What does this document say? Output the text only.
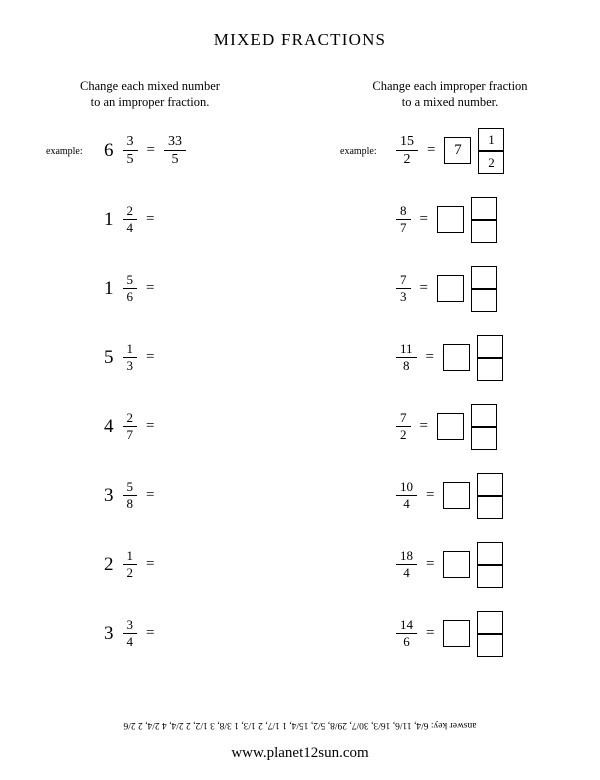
MIXED FRACTIONS
Change each mixed number
to an improper fraction.
example: $6 \frac{3}{5} = \frac{33}{5}$
$1 \frac{2}{4}$ =
$1 \frac{5}{6}$ =
$5 \frac{1}{3}$ =
$4 \frac{2}{7}$ =
$3 \frac{5}{8}$ =
$2 \frac{1}{2}$ =
$3 \frac{3}{4}$ =
Change each improper fraction
to a mixed number.
example: $\frac{15}{2}$ =	7	$\frac{1}{2}$
$\frac{8}{7}$ =
$\frac{7}{3}$ =
$\frac{11}{8}$ =
$\frac{7}{2}$ =
$\frac{10}{4}$ =
$\frac{18}{4}$ =
$\frac{14}{6}$ =
answer key: 6/4, 11/6, 16/3, 30/7, 29/8, 5/2, 15/4, 1 1/7, 2 1/3, 1 3/8, 3 1/2, 2 2/4, 4 2/4, 2 2/6
www.planet12sun.com
